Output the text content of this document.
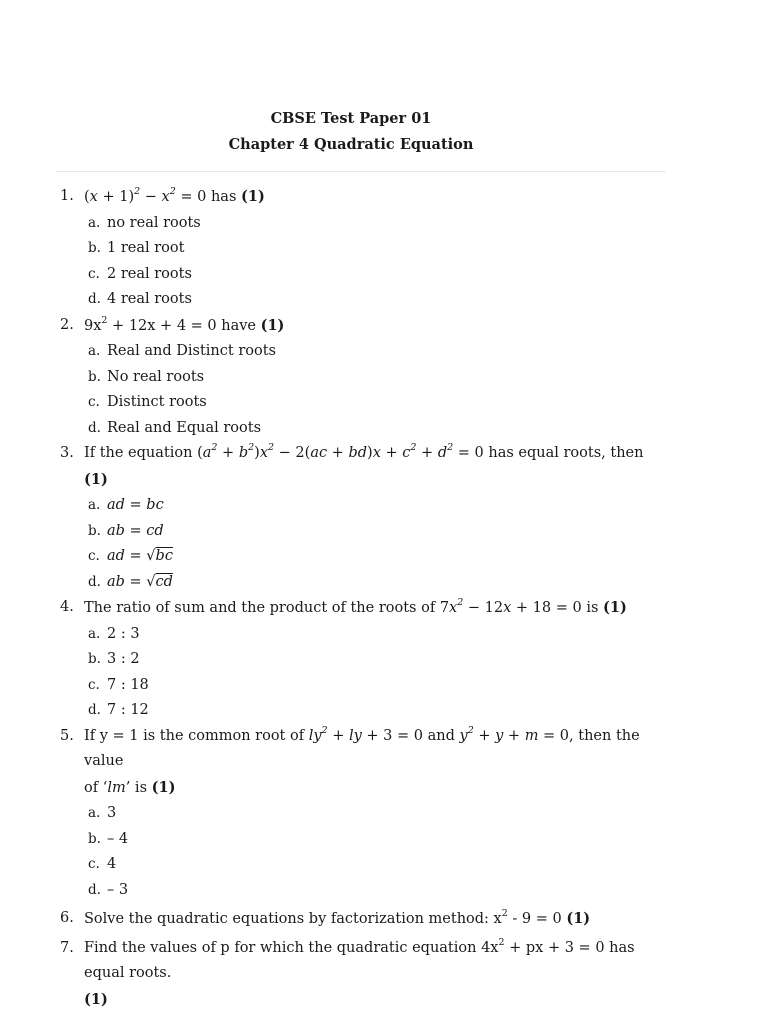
CBSE Test Paper 01
Chapter 4 Quadratic Equation
1. $(x + 1)^2 - x^2 = 0$ has (1)
a. no real roots
b. 1 real root
c. 2 real roots
d. 4 real roots
2. $9x^2 + 12x + 4 = 0$ have (1)
a. Real and Distinct roots
b. No real roots
c. Distinct roots
d. Real and Equal roots
3. If the equation $(a^2 + b^2)x^2 - 2(ac + bd)x + c^2 + d^2 = 0$ has equal roots, then (1)
a. ad = bc
b. ab = cd
c. ad = √bc
d. ab = √cd
4. The ratio of sum and the product of the roots of $7x^2 - 12x + 18 = 0$ is (1)
a. 2 : 3
b. 3 : 2
c. 7 : 18
d. 7 : 12
5. If y = 1 is the common root of $ly^2$ + ly + 3 = 0 and $y^2 + y + m = 0$, then the value
of ‘lm’ is (1)
a. 3
b. – 4
c. 4
d. – 3
6. Solve the quadratic equations by factorization method: $x^2 - 9 = 0$ (1)
7. Find the values of p for which the quadratic equation $4x^2$ + px + 3 = 0 has equal roots.
(1)
